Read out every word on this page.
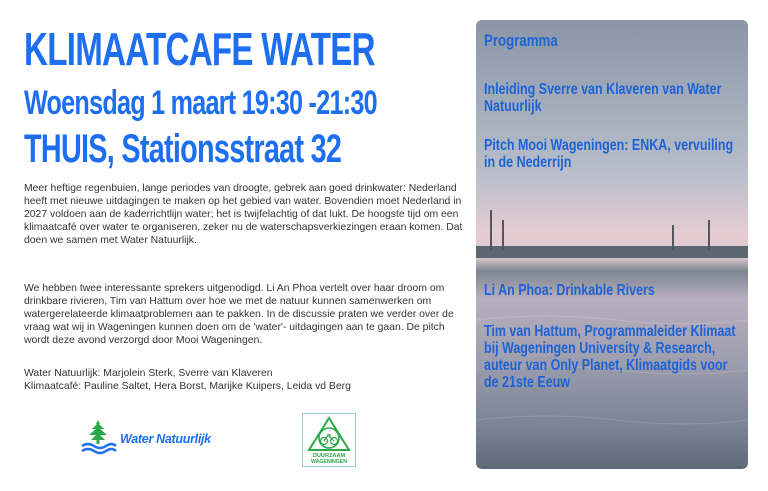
KLIMAATCAFE WATER
Woensdag 1 maart 19:30 -21:30
THUIS, Stationsstraat 32

Meer heftige regenbuien, lange periodes van droogte, gebrek aan goed drinkwater: Nederland heeft met nieuwe uitdagingen te maken op het gebied van water. Bovendien moet Nederland in 2027 voldoen aan de kaderrichtlijn water; het is twijfelachtig of dat lukt. De hoogste tijd om een klimaatcafé over water te organiseren, zeker nu de waterschapsverkiezingen eraan komen. Dat doen we samen met Water Natuurlijk.

We hebben twee interessante sprekers uitgenodigd. Li An Phoa vertelt over haar droom om drinkbare rivieren, Tim van Hattum over hoe we met de natuur kunnen samenwerken om watergerelateerde klimaatproblemen aan te pakken. In de discussie praten we verder over de vraag wat wij in Wageningen kunnen doen om de 'water'- uitdagingen aan te gaan. De pitch wordt deze avond verzorgd door Mooi Wageningen.

Water Natuurlijk: Marjolein Sterk, Sverre van Klaveren

Klimaatcafé: Pauline Saltet, Hera Borst, Marijke Kuipers, Leida vd Berg

Water Natuurlijk
DUURZAAM
WAGENINGEN
Programma
Inleiding Sverre van Klaveren van Water Natuurlijk
Pitch Mooi Wageningen: ENKA, vervuiling in de Nederrijn
Li An Phoa: Drinkable Rivers
Tim van Hattum, Programmaleider Klimaat bij Wageningen University & Research, auteur van Only Planet, Klimaatgids voor de 21ste Eeuw
